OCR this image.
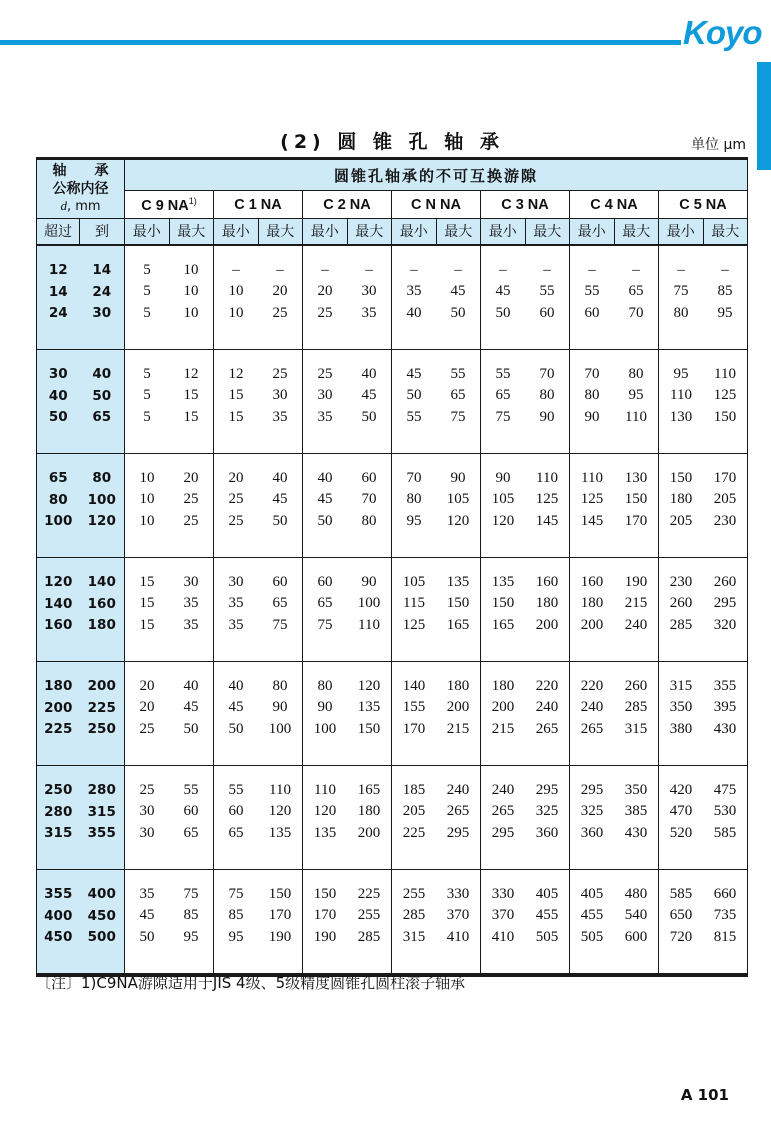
Koyo
(2) 圆 锥 孔 轴 承	单位 μm
轴　　承
公称内径
d, mm		圆锥孔轴承的不可互换游隙													
		C 9 NA$^{1)}$		C 1 NA		C 2 NA		C N NA		C 3 NA		C 4 NA		C 5 NA	
超过	到	最小	最大	最小	最大	最小	最大	最小	最大	最小	最大	最小	最大	最小	最大
12	14	5	10	–	–	–	–	–	–	–	–	–	–	–	–
14	24	5	10	10	20	20	30	35	45	45	55	55	65	75	85
24	30	5	10	10	25	25	35	40	50	50	60	60	70	80	95
30	40	5	12	12	25	25	40	45	55	55	70	70	80	95	110
40	50	5	15	15	30	30	45	50	65	65	80	80	95	110	125
50	65	5	15	15	35	35	50	55	75	75	90	90	110	130	150
65	80	10	20	20	40	40	60	70	90	90	110	110	130	150	170
80	100	10	25	25	45	45	70	80	105	105	125	125	150	180	205
100	120	10	25	25	50	50	80	95	120	120	145	145	170	205	230
120	140	15	30	30	60	60	90	105	135	135	160	160	190	230	260
140	160	15	35	35	65	65	100	115	150	150	180	180	215	260	295
160	180	15	35	35	75	75	110	125	165	165	200	200	240	285	320
180	200	20	40	40	80	80	120	140	180	180	220	220	260	315	355
200	225	20	45	45	90	90	135	155	200	200	240	240	285	350	395
225	250	25	50	50	100	100	150	170	215	215	265	265	315	380	430
250	280	25	55	55	110	110	165	185	240	240	295	295	350	420	475
280	315	30	60	60	120	120	180	205	265	265	325	325	385	470	530
315	355	30	65	65	135	135	200	225	295	295	360	360	430	520	585
355	400	35	75	75	150	150	225	255	330	330	405	405	480	585	660
400	450	45	85	85	170	170	255	285	370	370	455	455	540	650	735
450	500	50	95	95	190	190	285	315	410	410	505	505	600	720	815
〔注〕1)C9NA游隙适用于JIS 4级、5级精度圆锥孔圆柱滚子轴承
A 101
